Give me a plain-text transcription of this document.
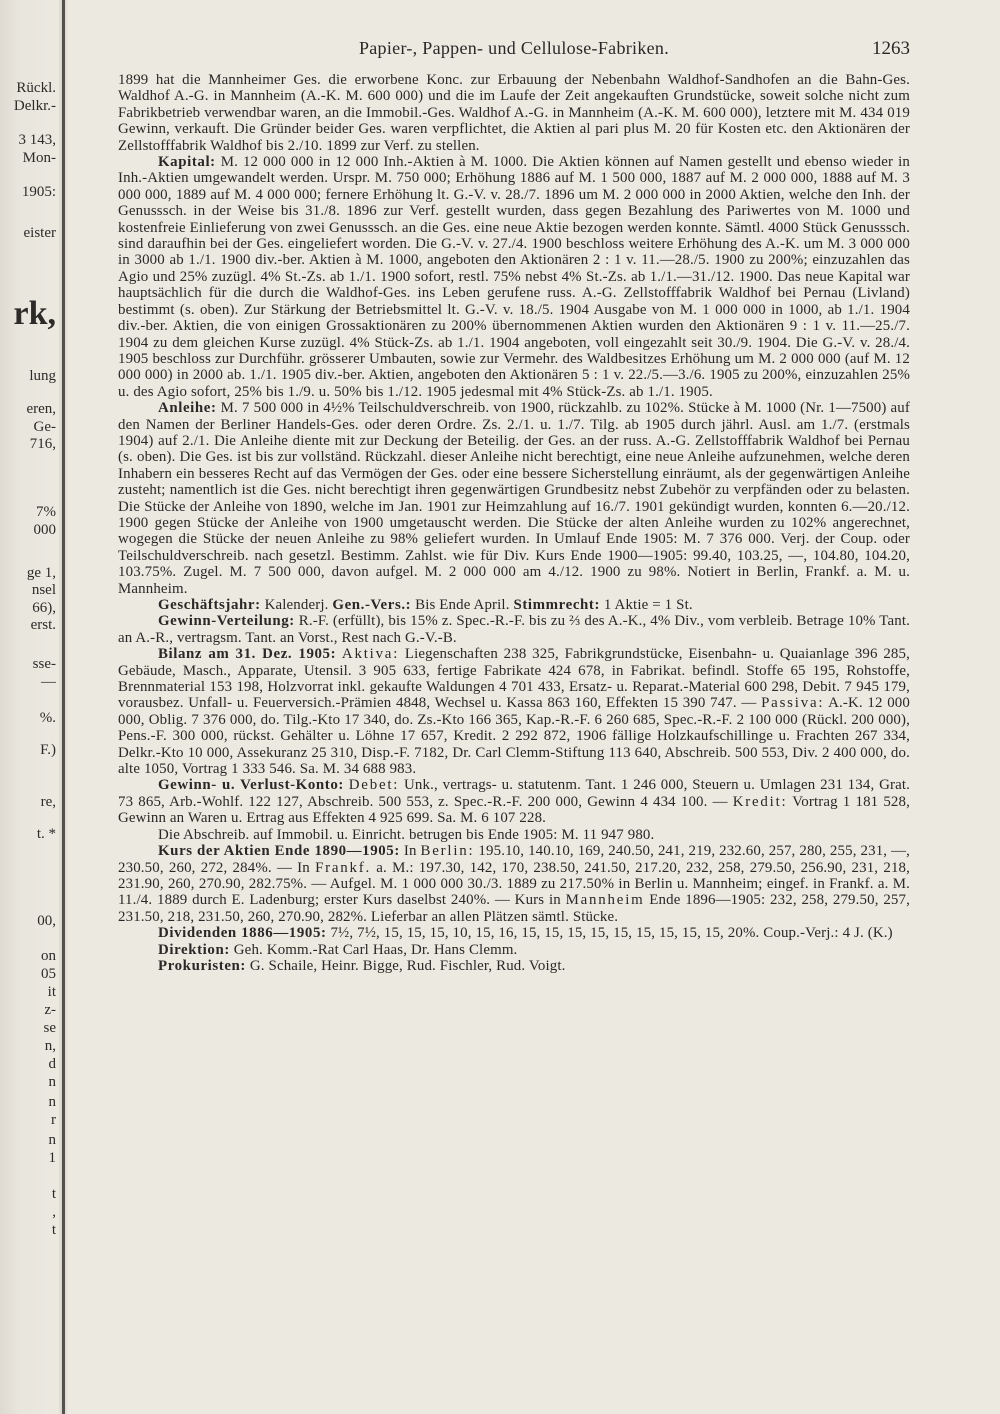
Rückl.
Delkr.-
3 143,
Mon-
1905:
eister
rk,
lung
eren,
Ge-
716,
7%
000
ge 1,
nsel
66),
erst.
sse-
—
%.
F.)
re,
t. *
00,
on
05
it
z-
se
n,
d
n
n
r
n
1
t
,
t
Papier-, Pappen- und Cellulose-Fabriken.	1263

1899 hat die Mannheimer Ges. die erworbene Konc. zur Erbauung der Nebenbahn Waldhof-Sandhofen an die Bahn-Ges. Waldhof A.-G. in Mannheim (A.-K. M. 600 000) und die im Laufe der Zeit angekauften Grundstücke, soweit solche nicht zum Fabrikbetrieb verwendbar waren, an die Immobil.-Ges. Waldhof A.-G. in Mannheim (A.-K. M. 600 000), letztere mit M. 434 019 Gewinn, verkauft. Die Gründer beider Ges. waren verpflichtet, die Aktien al pari plus M. 20 für Kosten etc. den Aktionären der Zellstofffabrik Waldhof bis 2./10. 1899 zur Verf. zu stellen.

Kapital: M. 12 000 000 in 12 000 Inh.-Aktien à M. 1000. Die Aktien können auf Namen gestellt und ebenso wieder in Inh.-Aktien umgewandelt werden. Urspr. M. 750 000; Erhöhung 1886 auf M. 1 500 000, 1887 auf M. 2 000 000, 1888 auf M. 3 000 000, 1889 auf M. 4 000 000; fernere Erhöhung lt. G.-V. v. 28./7. 1896 um M. 2 000 000 in 2000 Aktien, welche den Inh. der Genusssch. in der Weise bis 31./8. 1896 zur Verf. gestellt wurden, dass gegen Bezahlung des Pariwertes von M. 1000 und kostenfreie Einlieferung von zwei Genusssch. an die Ges. eine neue Aktie bezogen werden konnte. Sämtl. 4000 Stück Genusssch. sind daraufhin bei der Ges. eingeliefert worden. Die G.-V. v. 27./4. 1900 beschloss weitere Erhöhung des A.-K. um M. 3 000 000 in 3000 ab 1./1. 1900 div.-ber. Aktien à M. 1000, angeboten den Aktionären 2 : 1 v. 11.—28./5. 1900 zu 200%; einzuzahlen das Agio und 25% zuzügl. 4% St.-Zs. ab 1./1. 1900 sofort, restl. 75% nebst 4% St.-Zs. ab 1./1.—31./12. 1900. Das neue Kapital war hauptsächlich für die durch die Waldhof-Ges. ins Leben gerufene russ. A.-G. Zellstofffabrik Waldhof bei Pernau (Livland) bestimmt (s. oben). Zur Stärkung der Betriebsmittel lt. G.-V. v. 18./5. 1904 Ausgabe von M. 1 000 000 in 1000, ab 1./1. 1904 div.-ber. Aktien, die von einigen Grossaktionären zu 200% übernommenen Aktien wurden den Aktionären 9 : 1 v. 11.—25./7. 1904 zu dem gleichen Kurse zuzügl. 4% Stück-Zs. ab 1./1. 1904 angeboten, voll eingezahlt seit 30./9. 1904. Die G.-V. v. 28./4. 1905 beschloss zur Durchführ. grösserer Umbauten, sowie zur Vermehr. des Waldbesitzes Erhöhung um M. 2 000 000 (auf M. 12 000 000) in 2000 ab. 1./1. 1905 div.-ber. Aktien, angeboten den Aktionären 5 : 1 v. 22./5.—3./6. 1905 zu 200%, einzuzahlen 25% u. des Agio sofort, 25% bis 1./9. u. 50% bis 1./12. 1905 jedesmal mit 4% Stück-Zs. ab 1./1. 1905.

Anleihe: M. 7 500 000 in 4½% Teilschuldverschreib. von 1900, rückzahlb. zu 102%. Stücke à M. 1000 (Nr. 1—7500) auf den Namen der Berliner Handels-Ges. oder deren Ordre. Zs. 2./1. u. 1./7. Tilg. ab 1905 durch jährl. Ausl. am 1./7. (erstmals 1904) auf 2./1. Die Anleihe diente mit zur Deckung der Beteilig. der Ges. an der russ. A.-G. Zellstofffabrik Waldhof bei Pernau (s. oben). Die Ges. ist bis zur vollständ. Rückzahl. dieser Anleihe nicht berechtigt, eine neue Anleihe aufzunehmen, welche deren Inhabern ein besseres Recht auf das Vermögen der Ges. oder eine bessere Sicherstellung einräumt, als der gegenwärtigen Anleihe zusteht; namentlich ist die Ges. nicht berechtigt ihren gegenwärtigen Grundbesitz nebst Zubehör zu verpfänden oder zu belasten. Die Stücke der Anleihe von 1890, welche im Jan. 1901 zur Heimzahlung auf 16./7. 1901 gekündigt wurden, konnten 6.—20./12. 1900 gegen Stücke der Anleihe von 1900 umgetauscht werden. Die Stücke der alten Anleihe wurden zu 102% angerechnet, wogegen die Stücke der neuen Anleihe zu 98% geliefert wurden. In Umlauf Ende 1905: M. 7 376 000. Verj. der Coup. oder Teilschuldverschreib. nach gesetzl. Bestimm. Zahlst. wie für Div. Kurs Ende 1900—1905: 99.40, 103.25, —, 104.80, 104.20, 103.75%. Zugel. M. 7 500 000, davon aufgel. M. 2 000 000 am 4./12. 1900 zu 98%. Notiert in Berlin, Frankf. a. M. u. Mannheim.

Geschäftsjahr: Kalenderj. Gen.-Vers.: Bis Ende April. Stimmrecht: 1 Aktie = 1 St.

Gewinn-Verteilung: R.-F. (erfüllt), bis 15% z. Spec.-R.-F. bis zu ⅔ des A.-K., 4% Div., vom verbleib. Betrage 10% Tant. an A.-R., vertragsm. Tant. an Vorst., Rest nach G.-V.-B.

Bilanz am 31. Dez. 1905: Aktiva: Liegenschaften 238 325, Fabrikgrundstücke, Eisenbahn- u. Quaianlage 396 285, Gebäude, Masch., Apparate, Utensil. 3 905 633, fertige Fabrikate 424 678, in Fabrikat. befindl. Stoffe 65 195, Rohstoffe, Brennmaterial 153 198, Holzvorrat inkl. gekaufte Waldungen 4 701 433, Ersatz- u. Reparat.-Material 600 298, Debit. 7 945 179, vorausbez. Unfall- u. Feuerversich.-Prämien 4848, Wechsel u. Kassa 863 160, Effekten 15 390 747. — Passiva: A.-K. 12 000 000, Oblig. 7 376 000, do. Tilg.-Kto 17 340, do. Zs.-Kto 166 365, Kap.-R.-F. 6 260 685, Spec.-R.-F. 2 100 000 (Rückl. 200 000), Pens.-F. 300 000, rückst. Gehälter u. Löhne 17 657, Kredit. 2 292 872, 1906 fällige Holzkaufschillinge u. Frachten 267 334, Delkr.-Kto 10 000, Assekuranz 25 310, Disp.-F. 7182, Dr. Carl Clemm-Stiftung 113 640, Abschreib. 500 553, Div. 2 400 000, do. alte 1050, Vortrag 1 333 546. Sa. M. 34 688 983.

Gewinn- u. Verlust-Konto: Debet: Unk., vertrags- u. statutenm. Tant. 1 246 000, Steuern u. Umlagen 231 134, Grat. 73 865, Arb.-Wohlf. 122 127, Abschreib. 500 553, z. Spec.-R.-F. 200 000, Gewinn 4 434 100. — Kredit: Vortrag 1 181 528, Gewinn an Waren u. Ertrag aus Effekten 4 925 699. Sa. M. 6 107 228.

Die Abschreib. auf Immobil. u. Einricht. betrugen bis Ende 1905: M. 11 947 980.

Kurs der Aktien Ende 1890—1905: In Berlin: 195.10, 140.10, 169, 240.50, 241, 219, 232.60, 257, 280, 255, 231, —, 230.50, 260, 272, 284%. — In Frankf. a. M.: 197.30, 142, 170, 238.50, 241.50, 217.20, 232, 258, 279.50, 256.90, 231, 218, 231.90, 260, 270.90, 282.75%. — Aufgel. M. 1 000 000 30./3. 1889 zu 217.50% in Berlin u. Mannheim; eingef. in Frankf. a. M. 11./4. 1889 durch E. Ladenburg; erster Kurs daselbst 240%. — Kurs in Mannheim Ende 1896—1905: 232, 258, 279.50, 257, 231.50, 218, 231.50, 260, 270.90, 282%. Lieferbar an allen Plätzen sämtl. Stücke.

Dividenden 1886—1905: 7½, 7½, 15, 15, 15, 10, 15, 16, 15, 15, 15, 15, 15, 15, 15, 15, 15, 20%. Coup.-Verj.: 4 J. (K.)

Direktion: Geh. Komm.-Rat Carl Haas, Dr. Hans Clemm.

Prokuristen: G. Schaile, Heinr. Bigge, Rud. Fischler, Rud. Voigt.
